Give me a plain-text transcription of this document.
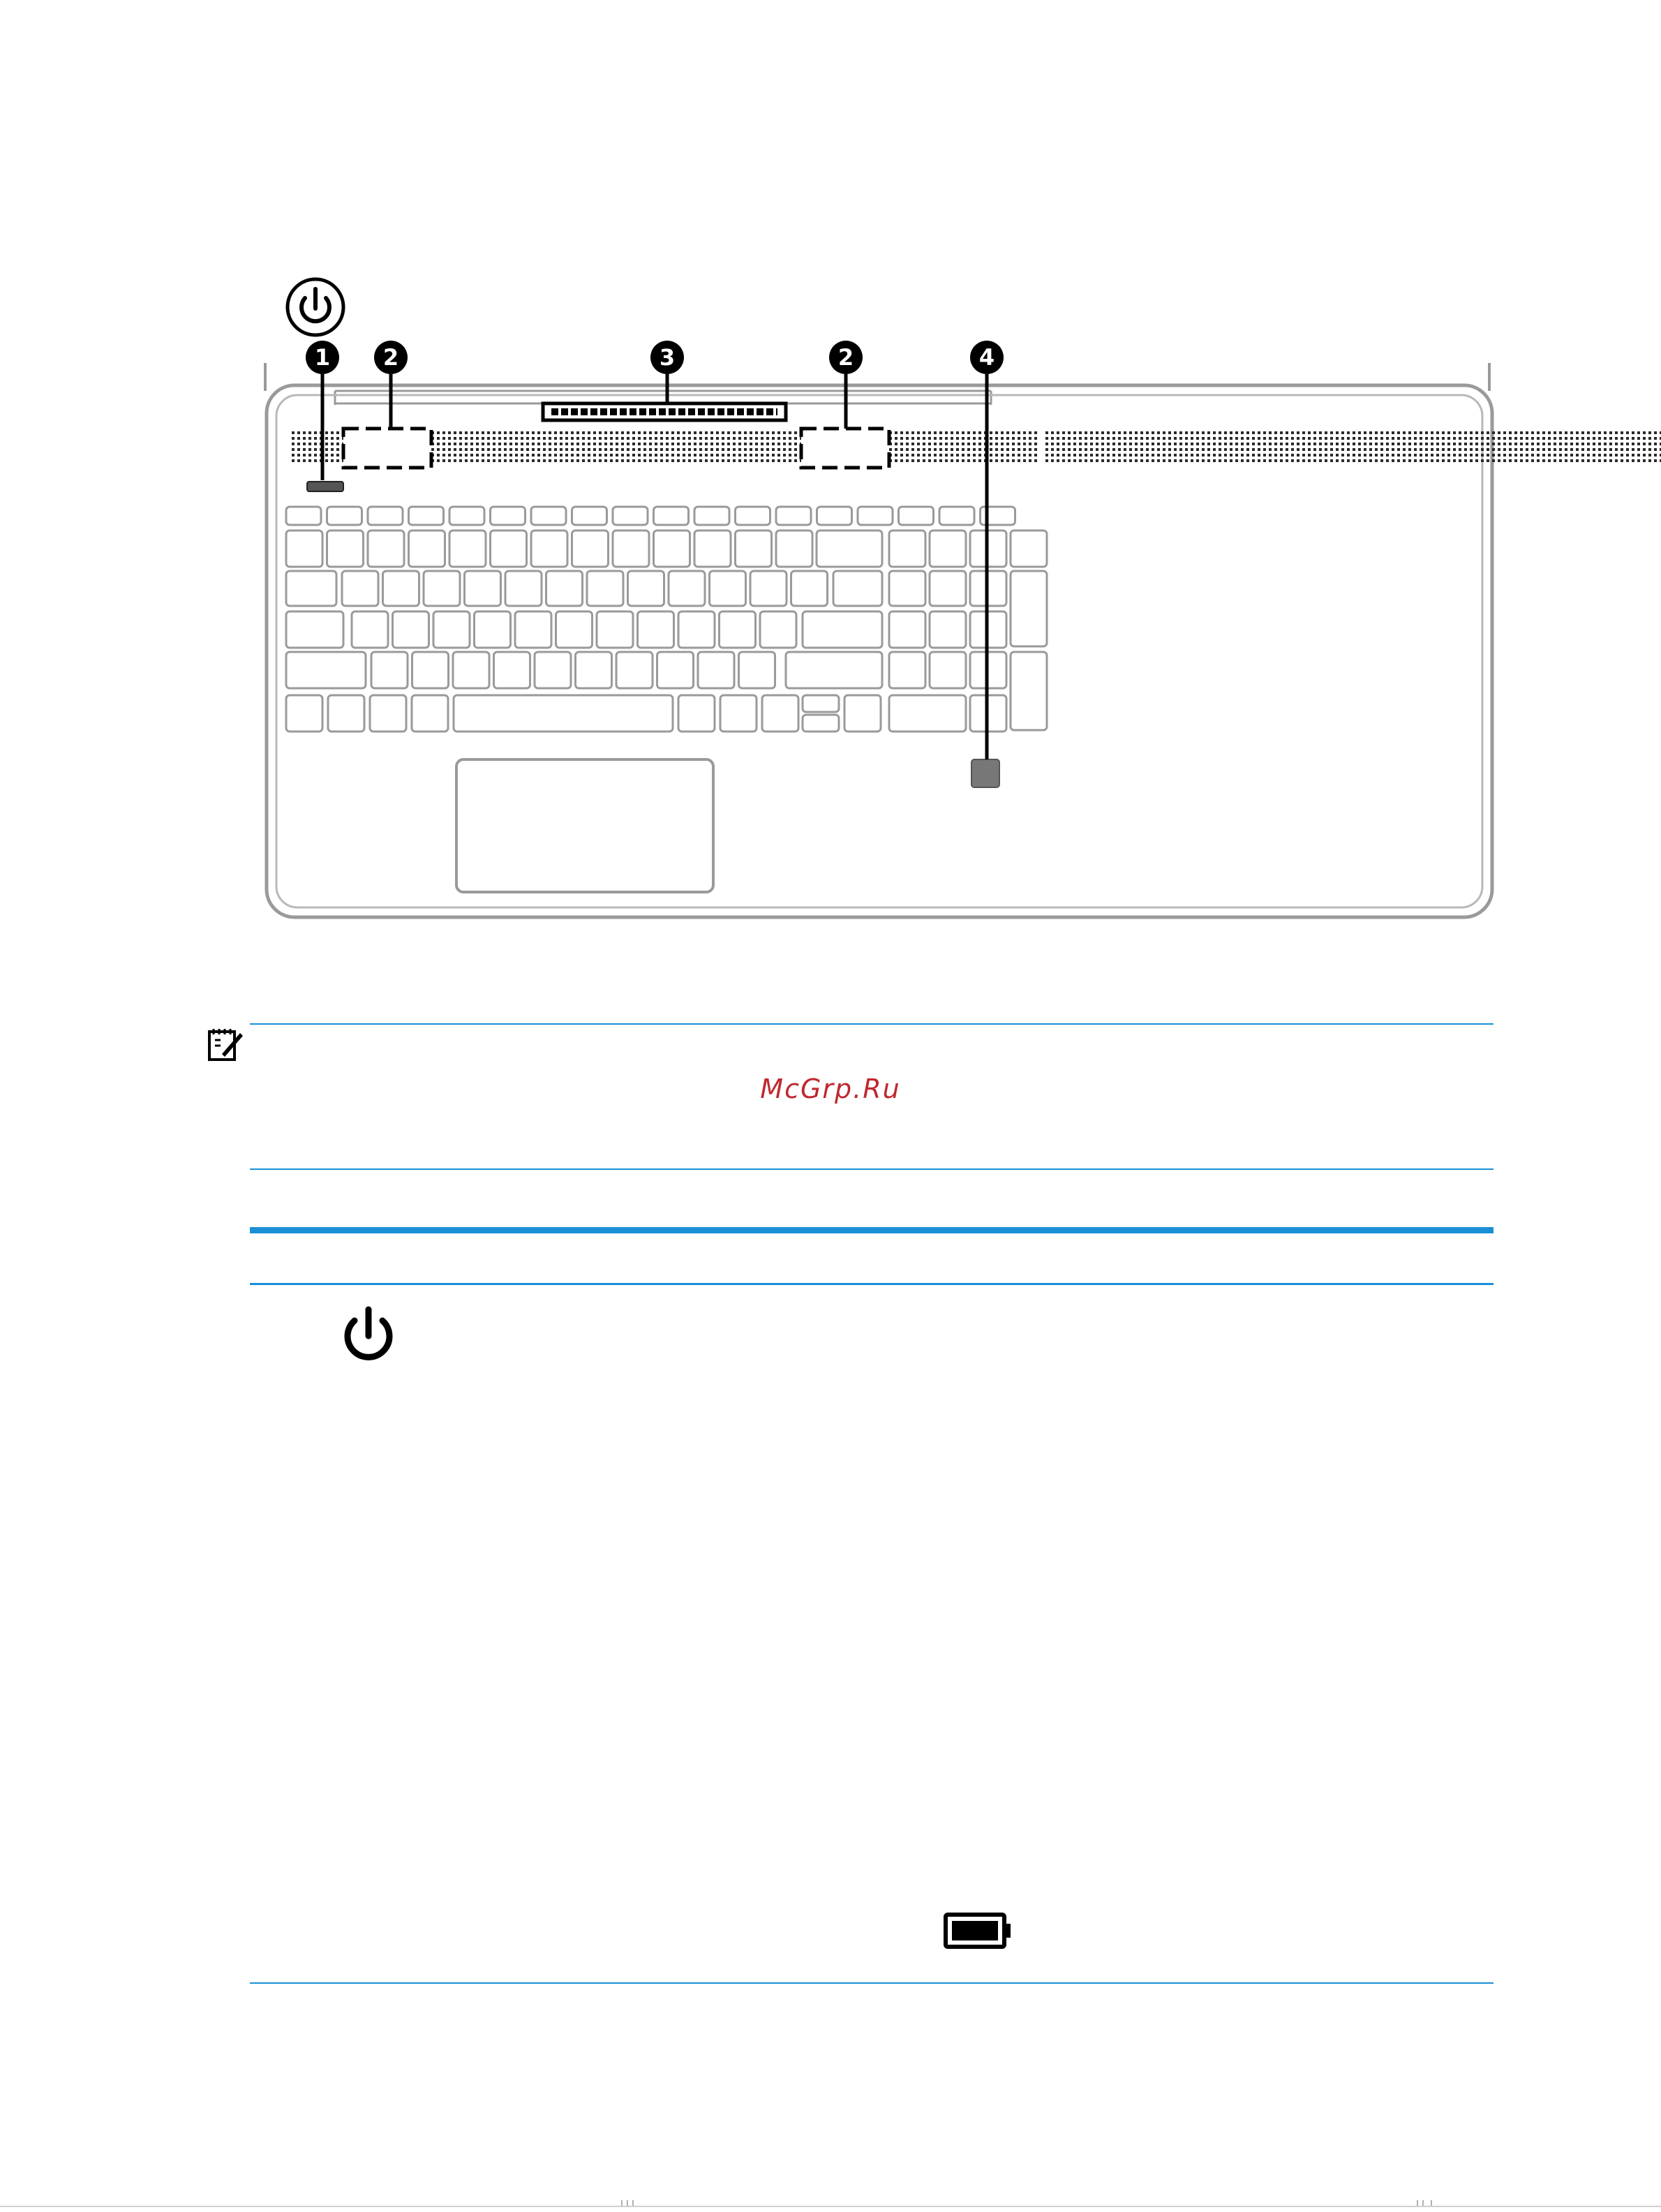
1 2	3	2	4
McGrp.Ru
